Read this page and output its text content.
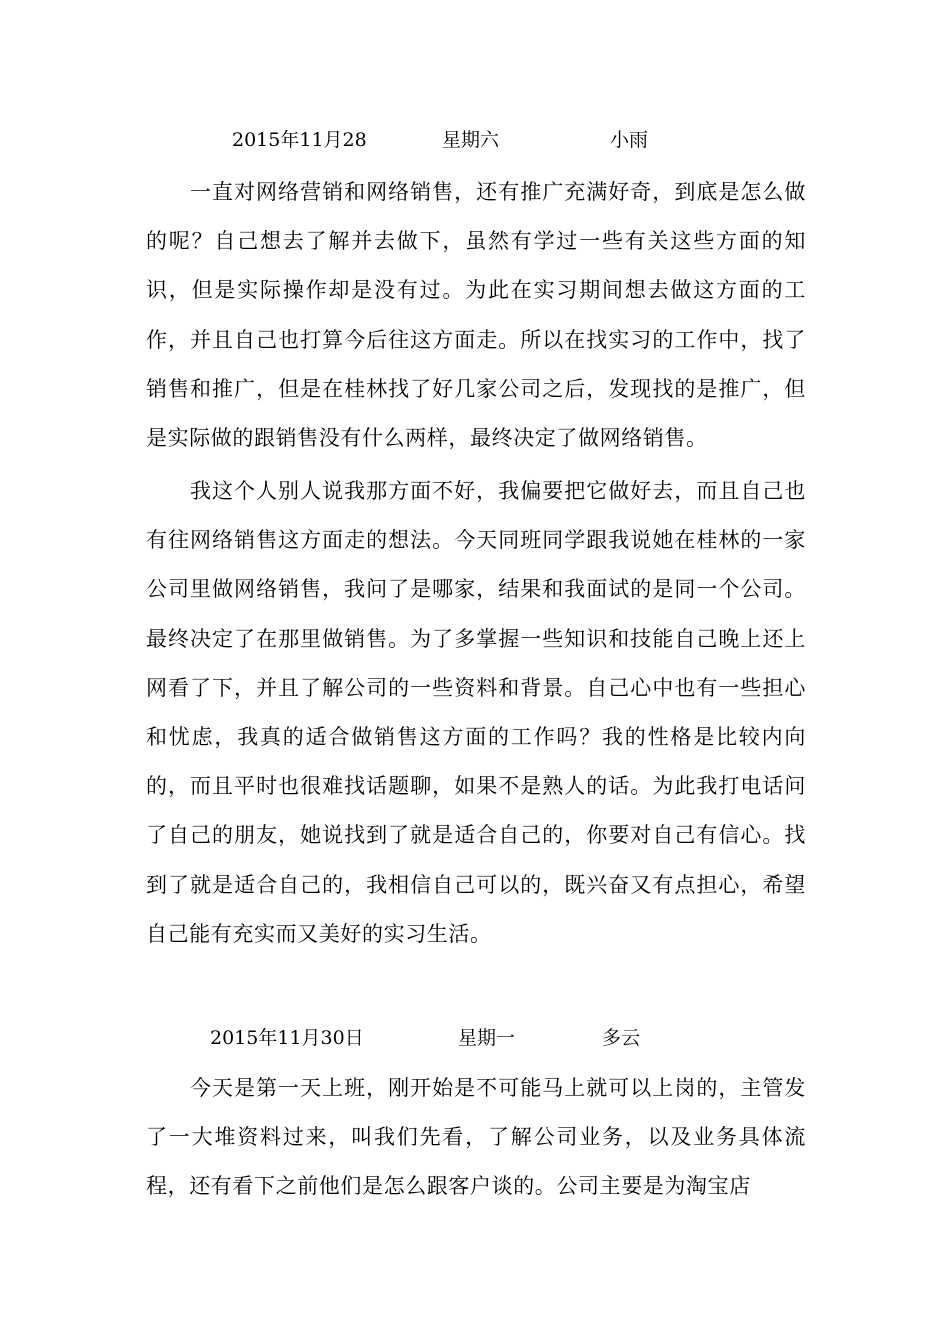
2015年11月28	星期六	小雨

一直对网络营销和网络销售，还有推广充满好奇，到底是怎么做的呢？自己想去了解并去做下，虽然有学过一些有关这些方面的知识，但是实际操作却是没有过。为此在实习期间想去做这方面的工作，并且自己也打算今后往这方面走。所以在找实习的工作中，找了销售和推广，但是在桂林找了好几家公司之后，发现找的是推广，但是实际做的跟销售没有什么两样，最终决定了做网络销售。

我这个人别人说我那方面不好，我偏要把它做好去，而且自己也有往网络销售这方面走的想法。今天同班同学跟我说她在桂林的一家公司里做网络销售，我问了是哪家，结果和我面试的是同一个公司。最终决定了在那里做销售。为了多掌握一些知识和技能自己晚上还上网看了下，并且了解公司的一些资料和背景。自己心中也有一些担心和忧虑，我真的适合做销售这方面的工作吗？我的性格是比较内向的，而且平时也很难找话题聊，如果不是熟人的话。为此我打电话问了自己的朋友，她说找到了就是适合自己的，你要对自己有信心。找到了就是适合自己的，我相信自己可以的，既兴奋又有点担心，希望自己能有充实而又美好的实习生活。

2015年11月30日	星期一	多云

今天是第一天上班，刚开始是不可能马上就可以上岗的，主管发了一大堆资料过来，叫我们先看，了解公司业务，以及业务具体流程，还有看下之前他们是怎么跟客户谈的。公司主要是为淘宝店
